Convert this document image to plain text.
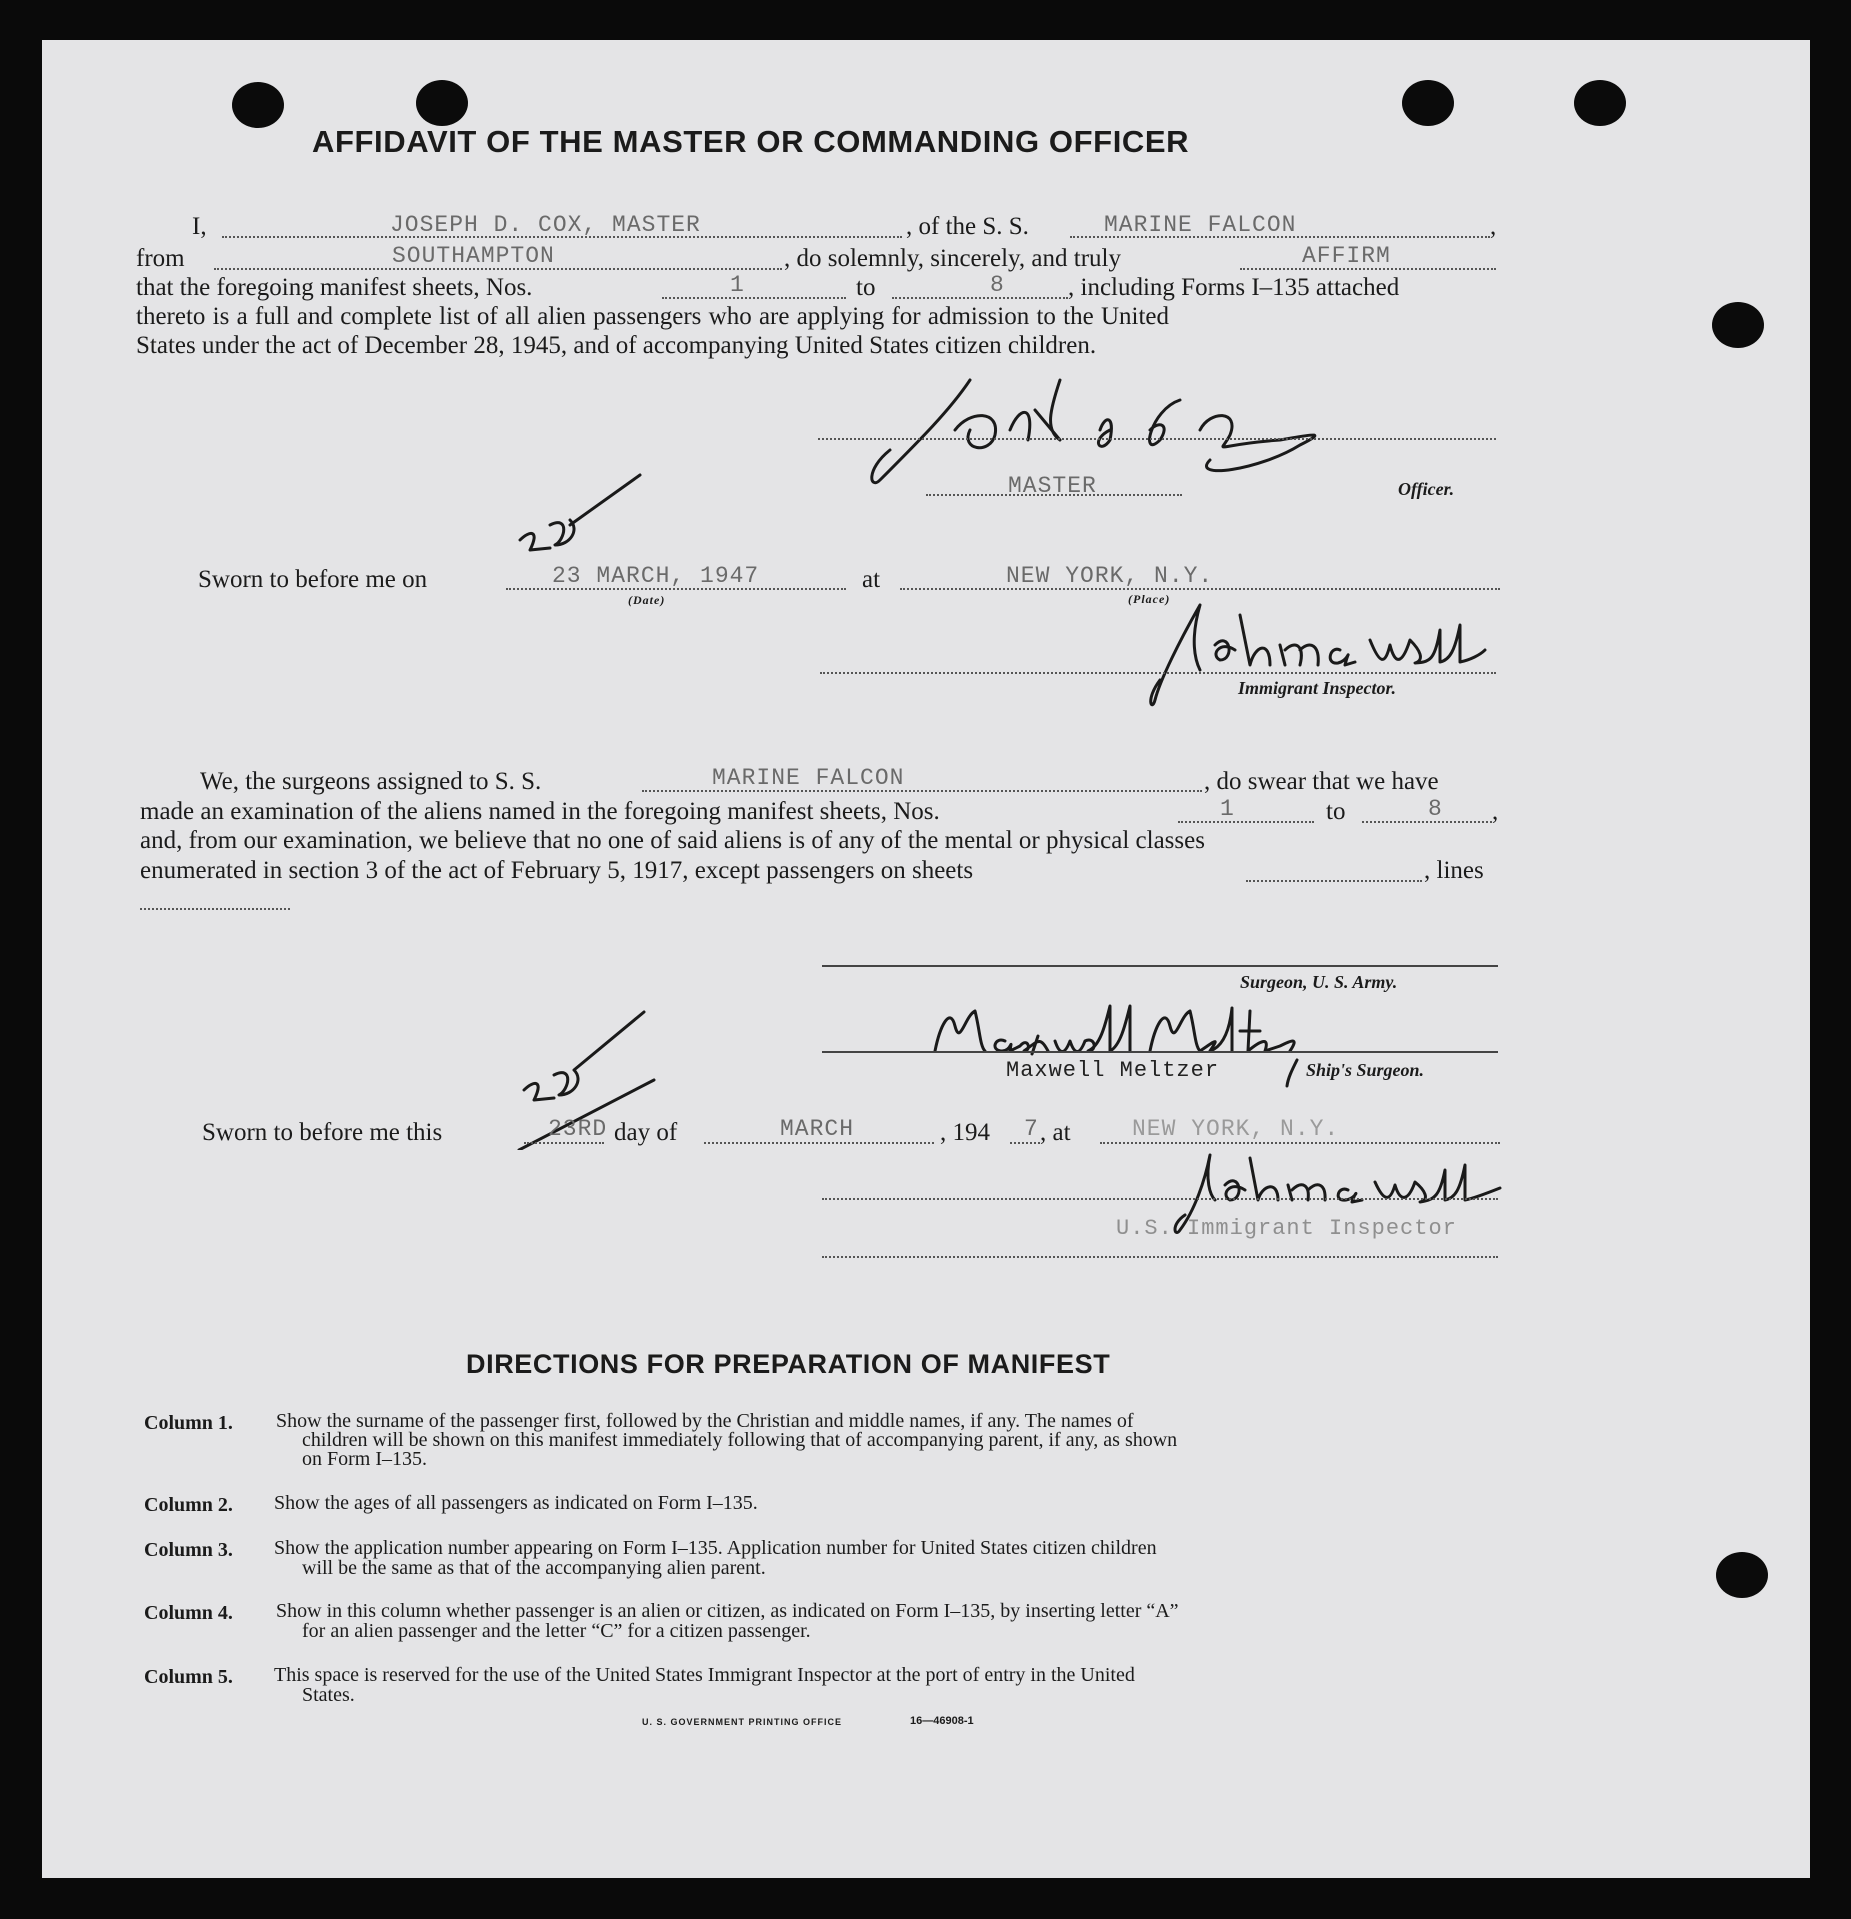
AFFIDAVIT OF THE MASTER OR COMMANDING OFFICER
I,	JOSEPH D. COX, MASTER	, of the S. S.	MARINE FALCON	,
from	SOUTHAMPTON	, do solemnly, sincerely, and truly	AFFIRM
that the foregoing manifest sheets, Nos.	1	to	8	, including Forms I–135 attached
thereto is a full and complete list of all alien passengers who are applying for admission to the United
States under the act of December 28, 1945, and of accompanying United States citizen children.
MASTER	Officer.
Sworn to before me on	23 MARCH, 1947
(Date)
at	NEW YORK, N.Y.
(Place)
Immigrant Inspector.
We, the surgeons assigned to S. S.	MARINE FALCON	, do swear that we have
made an examination of the aliens named in the foregoing manifest sheets, Nos.	1	to	8 ,
and, from our examination, we believe that no one of said aliens is of any of the mental or physical classes
enumerated in section 3 of the act of February 5, 1917, except passengers on sheets	, lines
Surgeon, U. S. Army.
Maxwell Meltzer	Ship's Surgeon.
Sworn to before me this	23RD day of	MARCH	, 194 7 , at	NEW YORK, N.Y.
U.S. Immigrant Inspector
DIRECTIONS FOR PREPARATION OF MANIFEST
Column 1. Show the surname of the passenger first, followed by the Christian and middle names, if any. The names of
children will be shown on this manifest immediately following that of accompanying parent, if any, as shown
on Form I–135.
Column 2. Show the ages of all passengers as indicated on Form I–135.
Column 3. Show the application number appearing on Form I–135. Application number for United States citizen children
will be the same as that of the accompanying alien parent.
Column 4. Show in this column whether passenger is an alien or citizen, as indicated on Form I–135, by inserting letter “A”
for an alien passenger and the letter “C” for a citizen passenger.
Column 5. This space is reserved for the use of the United States Immigrant Inspector at the port of entry in the United
States.
U. S. GOVERNMENT PRINTING OFFICE	16—46908-1
